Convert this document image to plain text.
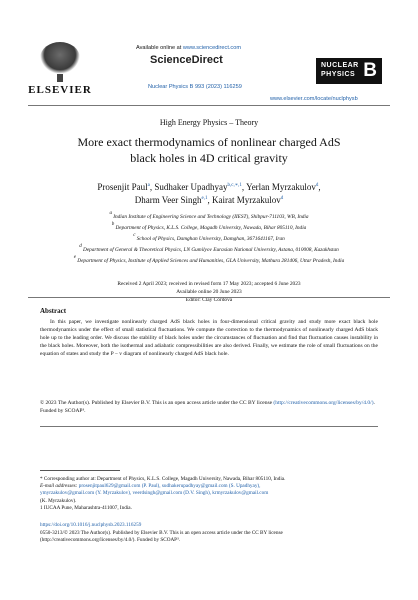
ELSEVIER
Available online at www.sciencedirect.com
ScienceDirect
Nuclear Physics B 993 (2023) 116259
NUCLEAR
PHYSICS B
www.elsevier.com/locate/nuclphysb
High Energy Physics – Theory
More exact thermodynamics of nonlinear charged AdS
black holes in 4D critical gravity
Prosenjit Paul$^a$, Sudhaker Upadhyay$^{b,c,∗,1}$, Yerlan Myrzakulov$^d$,
Dharm Veer Singh$^{e,1}$, Kairat Myrzakulov$^d$
$^a$ Indian Institute of Engineering Science and Technology (IIEST), Shibpur-711103, WB, India
$^b$ Department of Physics, K.L.S. College, Magadh University, Nawada, Bihar 805110, India
$^c$ School of Physics, Damghan University, Damghan, 3671641167, Iran
$^d$ Department of General & Theoretical Physics, LN Gumilyov Eurasian National University, Astana, 010008, Kazakhstan
$^e$ Department of Physics, Institute of Applied Sciences and Humanities, GLA University, Mathura 281406, Uttar Pradesh, India
Received 2 April 2023; received in revised form 17 May 2023; accepted 6 June 2023
Available online 20 June 2023
Editor: Clay Córdova
Abstract
In this paper, we investigate nonlinearly charged AdS black holes in four-dimensional critical gravity and study more exact black hole thermodynamics under the effect of small statistical fluctuations. We compute the correction to the thermodynamics of nonlinearly charged AdS black hole up to the leading order. We discuss the stability of black holes under the circumstances of fluctuation and find that fluctuation causes instability in the black holes. Moreover, both the isothermal and adiabatic compressibilities are also derived. Finally, we estimate the role of small fluctuations on the equation of states and study the P − v diagram of nonlinearly charged AdS black hole.
© 2023 The Author(s). Published by Elsevier B.V. This is an open access article under the CC BY license (http://creativecommons.org/licenses/by/4.0/). Funded by SCOAP³.
* Corresponding author at: Department of Physics, K.L.S. College, Magadh University, Nawada, Bihar 805110, India.
E-mail addresses: prosenjitpaul629@gmail.com (P. Paul), sudhakerupadhyay@gmail.com (S. Upadhyay),
ymyrzakulov@gmail.com (Y. Myrzakulov), veerdsingh@gmail.com (D.V. Singh), krmyrzakulov@gmail.com
(K. Myrzakulov).
1 IUCAA Pune, Maharashtra-411007, India.
https://doi.org/10.1016/j.nuclphysb.2023.116259
0550-3213/© 2023 The Author(s). Published by Elsevier B.V. This is an open access article under the CC BY license
(http://creativecommons.org/licenses/by/4.0/). Funded by SCOAP³.
